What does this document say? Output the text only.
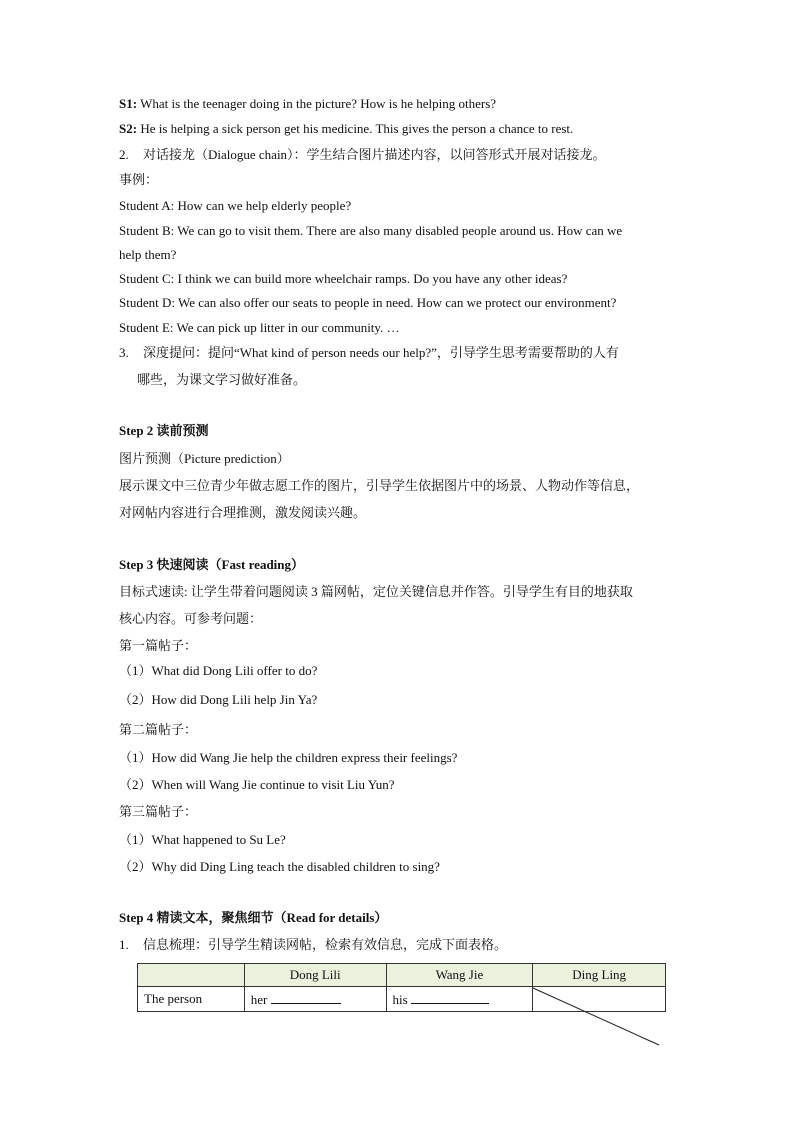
S1: What is the teenager doing in the picture? How is he helping others?
S2: He is helping a sick person get his medicine. This gives the person a chance to rest.
2. 对话接龙（Dialogue chain）：学生结合图片描述内容，以问答形式开展对话接龙。
事例：
Student A: How can we help elderly people?
Student B: We can go to visit them. There are also many disabled people around us. How can we
help them?
Student C: I think we can build more wheelchair ramps. Do you have any other ideas?
Student D: We can also offer our seats to people in need. How can we protect our environment?
Student E: We can pick up litter in our community. …
3. 深度提问：提问“What kind of person needs our help?”，引导学生思考需要帮助的人有
哪些，为课文学习做好准备。
Step 2 读前预测
图片预测（Picture prediction）
展示课文中三位青少年做志愿工作的图片，引导学生依据图片中的场景、人物动作等信息，
对网帖内容进行合理推测，激发阅读兴趣。
Step 3 快速阅读（Fast reading）
目标式速读: 让学生带着问题阅读 3 篇网帖，定位关键信息并作答。引导学生有目的地获取
核心内容。可参考问题：
第一篇帖子：
（1）What did Dong Lili offer to do?
（2）How did Dong Lili help Jin Ya?
第二篇帖子：
（1）How did Wang Jie help the children express their feelings?
（2）When will Wang Jie continue to visit Liu Yun?
第三篇帖子：
（1）What happened to Su Le?
（2）Why did Ding Ling teach the disabled children to sing?
Step 4 精读文本，聚焦细节（Read for details）
1. 信息梳理：引导学生精读网帖，检索有效信息，完成下面表格。
	Dong Lili	Wang Jie	Ding Ling
The person	her	his	
